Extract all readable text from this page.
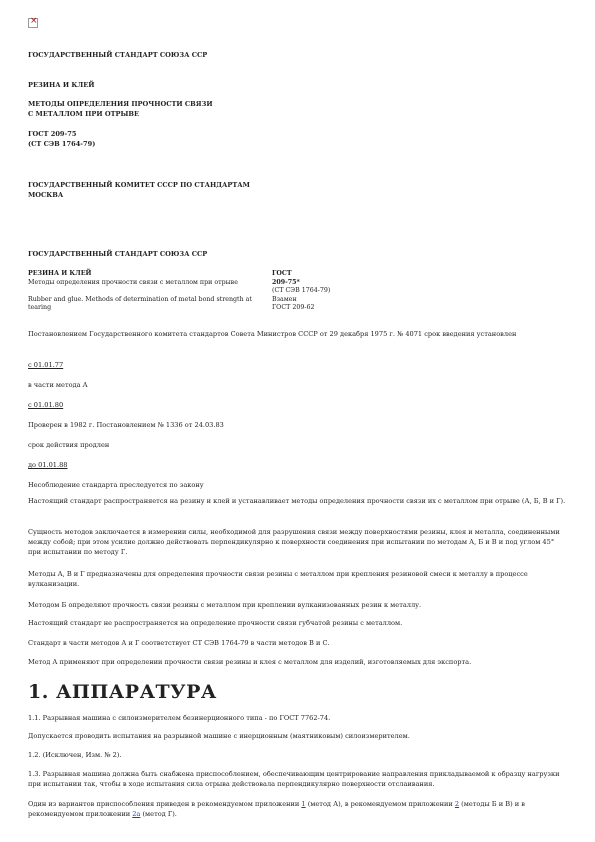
×
ГОСУДАРСТВЕННЫЙ СТАНДАРТ СОЮЗА ССР
РЕЗИНА И КЛЕЙ
МЕТОДЫ ОПРЕДЕЛЕНИЯ ПРОЧНОСТИ СВЯЗИ
С МЕТАЛЛОМ ПРИ ОТРЫВЕ
ГОСТ 209-75
(СТ СЭВ 1764-79)
ГОСУДАРСТВЕННЫЙ КОМИТЕТ СССР ПО СТАНДАРТАМ
МОСКВА
ГОСУДАРСТВЕННЫЙ СТАНДАРТ СОЮЗА ССР
РЕЗИНА И КЛЕЙ
Методы определения прочности связи с металлом при отрыве
Rubber and glue. Methods of determination of metal bond strength at tearing
ГОСТ
209-75*
(СТ СЭВ 1764-79)
Взамен
ГОСТ 209-62
Постановлением Государственного комитета стандартов Совета Министров СССР от 29 декабря 1975 г. № 4071 срок введения установлен
с 01.01.77
в части метода А
с 01.01.80
Проверен в 1982 г. Постановлением № 1336 от 24.03.83
срок действия продлен
до 01.01.88
Несоблюдение стандарта преследуется по закону
Настоящий стандарт распространяется на резину и клей и устанавливает методы определения прочности связи их с металлом при отрыве (А, Б, В и Г).
Сущность методов заключается в измерении силы, необходимой для разрушения связи между поверхностями резины, клея и металла, соединенными между собой; при этом усилие должно действовать перпендикулярно к поверхности соединения при испытании по методам А, Б и В и под углом 45° при испытании по методу Г.
Методы А, В и Г предназначены для определения прочности связи резины с металлом при крепления резиновой смеси к металлу в процессе вулканизации.
Методом Б определяют прочность связи резины с металлом при креплении вулканизованных резин к металлу.
Настоящий стандарт не распространяется на определение прочности связи губчатой резины с металлом.
Стандарт в части методов А и Г соответствует СТ СЭВ 1764-79 в части методов В и С.
Метод А применяют при определении прочности связи резины и клея с металлом для изделий, изготовляемых для экспорта.
1. АППАРАТУРА
1.1. Разрывная машина с силоизмерителем безинерционного типа - по ГОСТ 7762-74.
Допускается проводить испытания на разрывной машине с инерционным (маятниковым) силоизмерителем.
1.2. (Исключен, Изм. № 2).
1.3. Разрывная машина должна быть снабжена приспособлением, обеспечивающим центрирование направления прикладываемой к образцу нагрузки при испытании так, чтобы в ходе испытания сила отрыва действовала перпендикулярно поверхности отслаивания.
Один из вариантов приспособления приведен в рекомендуемом приложении 1 (метод А), в рекомендуемом приложении 2 (методы Б и В) и в рекомендуемом приложении 2а (метод Г).
